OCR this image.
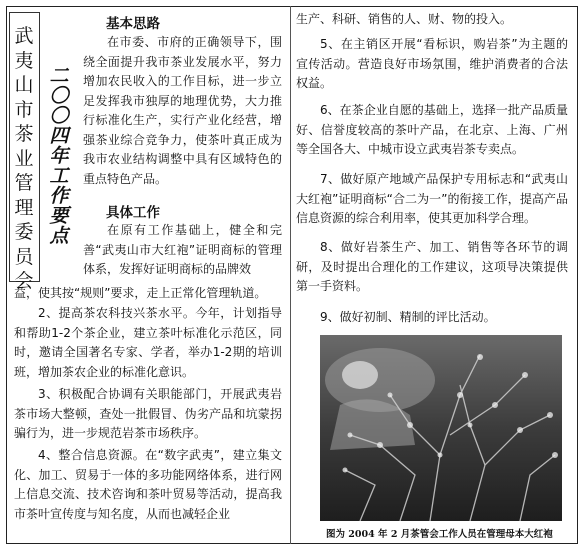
武夷山市茶业管理委员会
二〇〇四年工作要点
基本思路

在市委、市府的正确领导下，围绕全面提升我市茶业发展水平，努力增加农民收入的工作目标，进一步立足发挥我市独厚的地理优势，大力推行标准化生产，实行产业化经营，增强茶业综合竞争力，使茶叶真正成为我市农业结构调整中具有区域特色的重点特色产品。

具体工作

在原有工作基础上，健全和完善“武夷山市大红袍”证明商标的管理体系，发挥好证明商标的品牌效

益，使其按“规则”要求，走上正常化管理轨道。

2、提高茶农科技兴茶水平。今年，计划指导和帮助1-2个茶企业，建立茶叶标准化示范区，同时，邀请全国著名专家、学者，举办1-2期的培训班，增加茶农企业的标准化意识。

3、积极配合协调有关职能部门，开展武夷岩茶市场大整顿，查处一批假冒、伪劣产品和坑蒙拐骗行为，进一步规范岩茶市场秩序。

4、整合信息资源。在“数字武夷”，建立集文化、加工、贸易于一体的多功能网络体系，进行网上信息交流、技术咨询和茶叶贸易等活动，提高我市茶叶宣传度与知名度，从而也减轻企业

生产、科研、销售的人、财、物的投入。

5、在主销区开展“看标识，购岩茶”为主题的宣传活动。营造良好市场氛围，维护消费者的合法权益。

6、在茶企业自愿的基础上，选择一批产品质量好、信誉度较高的茶叶产品，在北京、上海、广州等全国各大、中城市设立武夷岩茶专卖点。

7、做好原产地域产品保护专用标志和“武夷山大红袍”证明商标“合二为一”的衔接工作，提高产品信息资源的综合利用率，使其更加科学合理。

8、做好岩茶生产、加工、销售等各环节的调研，及时提出合理化的工作建议，这项导决策提供第一手资料。

9、做好初制、精制的评比活动。

图为 2004 年 2 月茶管会工作人员在管理母本大红袍
